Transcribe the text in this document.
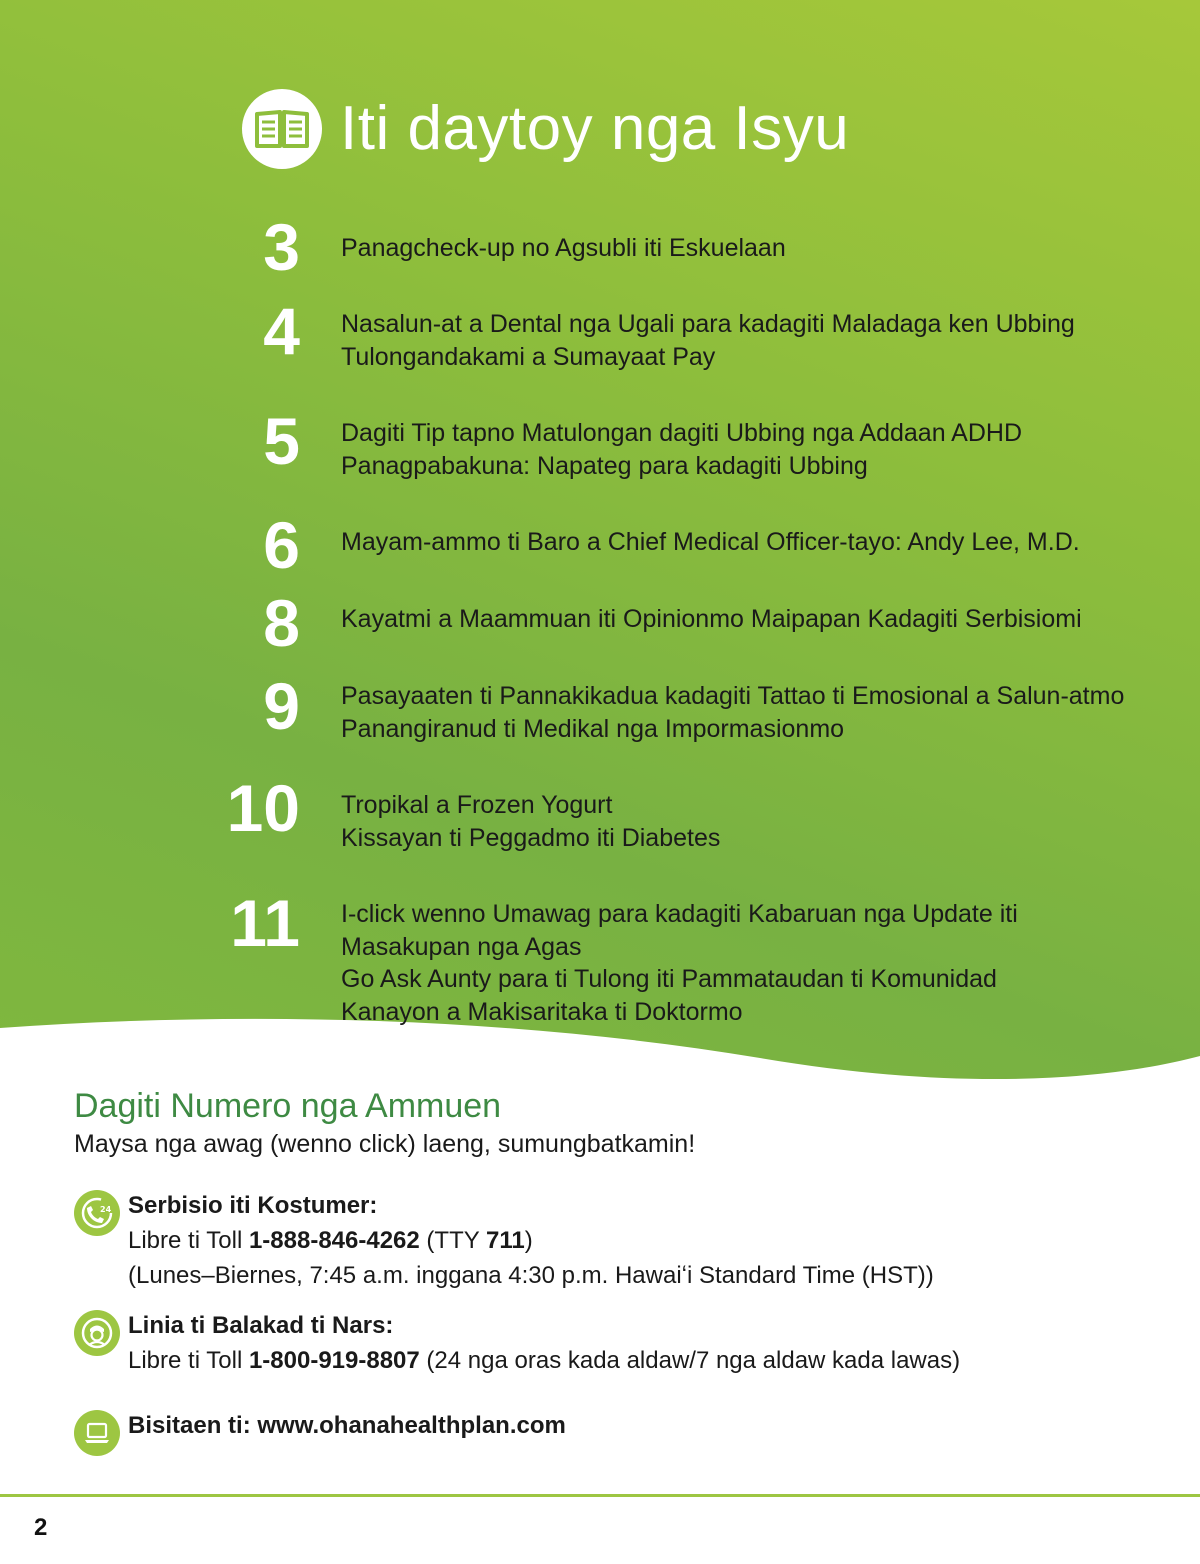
Iti daytoy nga Isyu
3 Panagcheck-up no Agsubli iti Eskuelaan
4 Nasalun-at a Dental nga Ugali para kadagiti Maladaga ken Ubbing
Tulongandakami a Sumayaat Pay
5 Dagiti Tip tapno Matulongan dagiti Ubbing nga Addaan ADHD
Panagpabakuna: Napateg para kadagiti Ubbing
6 Mayam-ammo ti Baro a Chief Medical Officer-tayo: Andy Lee, M.D.
8 Kayatmi a Maammuan iti Opinionmo Maipapan Kadagiti Serbisiomi
9 Pasayaaten ti Pannakikadua kadagiti Tattao ti Emosional a Salun-atmo
Panangiranud ti Medikal nga Impormasionmo
10 Tropikal a Frozen Yogurt
Kissayan ti Peggadmo iti Diabetes
11 I-click wenno Umawag para kadagiti Kabaruan nga Update iti
Masakupan nga Agas
Go Ask Aunty para ti Tulong iti Pammataudan ti Komunidad
Kanayon a Makisaritaka ti Doktormo
Dagiti Numero nga Ammuen
Maysa nga awag (wenno click) laeng, sumungbatkamin!
24 Serbisio iti Kostumer:
Libre ti Toll 1-888-846-4262 (TTY 711)
(Lunes–Biernes, 7:45 a.m. inggana 4:30 p.m. Hawaiʻi Standard Time (HST))
Linia ti Balakad ti Nars:
Libre ti Toll 1-800-919-8807 (24 nga oras kada aldaw/7 nga aldaw kada lawas)
Bisitaen ti: www.ohanahealthplan.com
2
